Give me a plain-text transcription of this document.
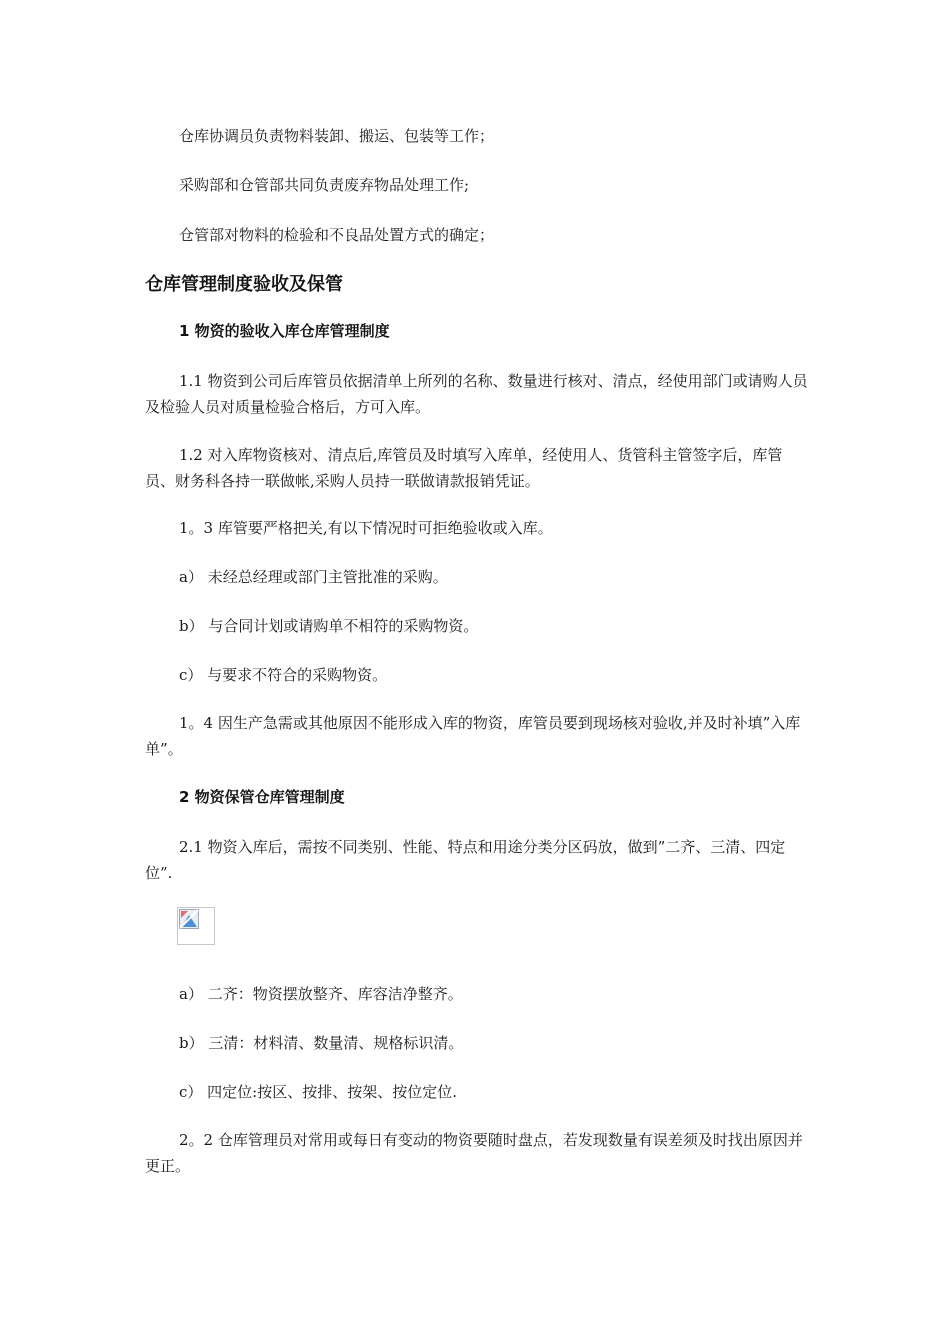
仓库协调员负责物料装卸、搬运、包装等工作；

采购部和仓管部共同负责废弃物品处理工作;

仓管部对物料的检验和不良品处置方式的确定；

仓库管理制度验收及保管
1 物资的验收入库仓库管理制度

1.1 物资到公司后库管员依据清单上所列的名称、数量进行核对、清点，经使用部门或请购人员及检验人员对质量检验合格后，方可入库。

1.2 对入库物资核对、清点后,库管员及时填写入库单，经使用人、货管科主管签字后，库管员、财务科各持一联做帐,采购人员持一联做请款报销凭证。

1。3 库管要严格把关,有以下情况时可拒绝验收或入库。

a） 未经总经理或部门主管批准的采购。

b） 与合同计划或请购单不相符的采购物资。

c） 与要求不符合的采购物资。

1。4 因生产急需或其他原因不能形成入库的物资，库管员要到现场核对验收,并及时补填”入库单”。

2 物资保管仓库管理制度

2.1 物资入库后，需按不同类别、性能、特点和用途分类分区码放，做到”二齐、三清、四定位”.

a） 二齐：物资摆放整齐、库容洁净整齐。

b） 三清：材料清、数量清、规格标识清。

c） 四定位:按区、按排、按架、按位定位.

2。2 仓库管理员对常用或每日有变动的物资要随时盘点，若发现数量有误差须及时找出原因并更正。
